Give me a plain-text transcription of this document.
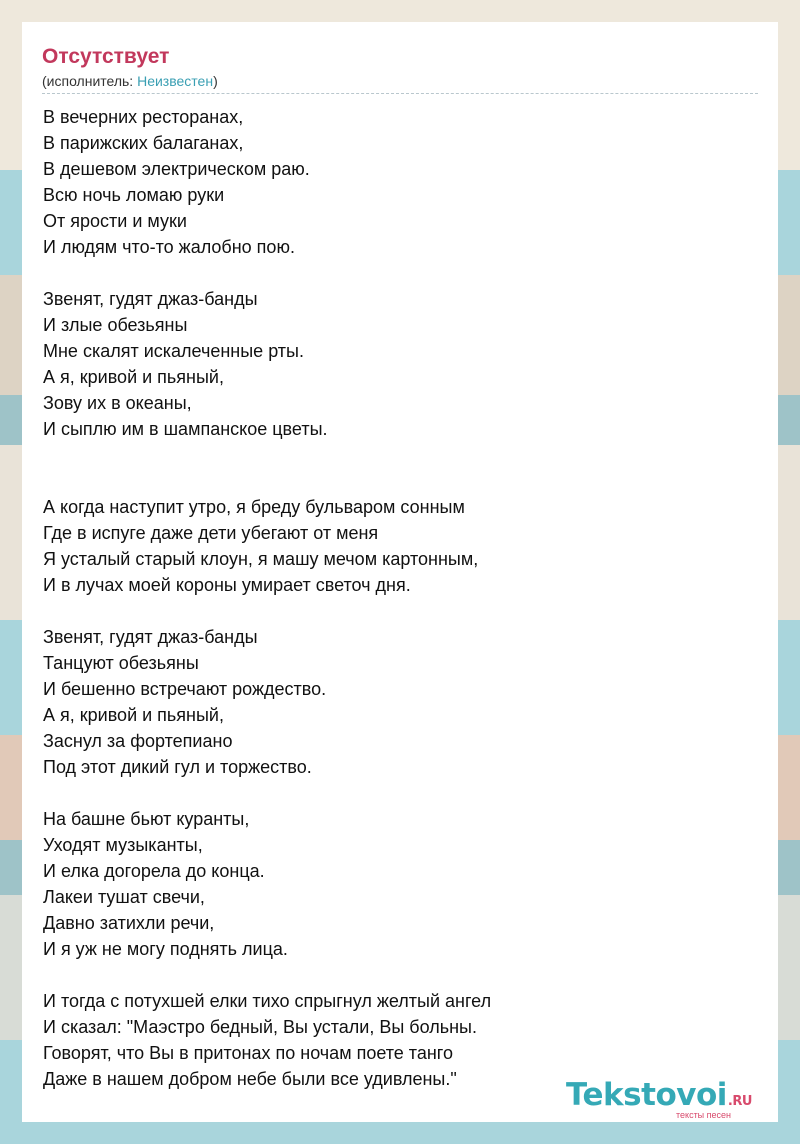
Отсутствует
(исполнитель: Неизвестен)
В вечерних ресторанах,
В парижских балаганах,
В дешевом электрическом раю.
Всю ночь ломаю руки
От ярости и муки
И людям что-то жалобно пою.
Звенят, гудят джаз-банды
И злые обезьяны
Мне скалят искалеченные рты.
А я, кривой и пьяный,
Зову их в океаны,
И сыплю им в шампанское цветы.
А когда наступит утро, я бреду бульваром сонным
Где в испуге даже дети убегают от меня
Я усталый старый клоун, я машу мечом картонным,
И в лучах моей короны умирает светоч дня.
Звенят, гудят джаз-банды
Танцуют обезьяны
И бешенно встречают рождество.
А я, кривой и пьяный,
Заснул за фортепиано
Под этот дикий гул и торжество.
На башне бьют куранты,
Уходят музыканты,
И елка догорела до конца.
Лакеи тушат свечи,
Давно затихли речи,
И я уж не могу поднять лица.
И тогда с потухшей елки тихо спрыгнул желтый ангел
И сказал: "Маэстро бедный, Вы устали, Вы больны.
Говорят, что Вы в притонах по ночам поете танго
Даже в нашем добром небе были все удивлены."	Tekstovoi.RU
тексты песен
